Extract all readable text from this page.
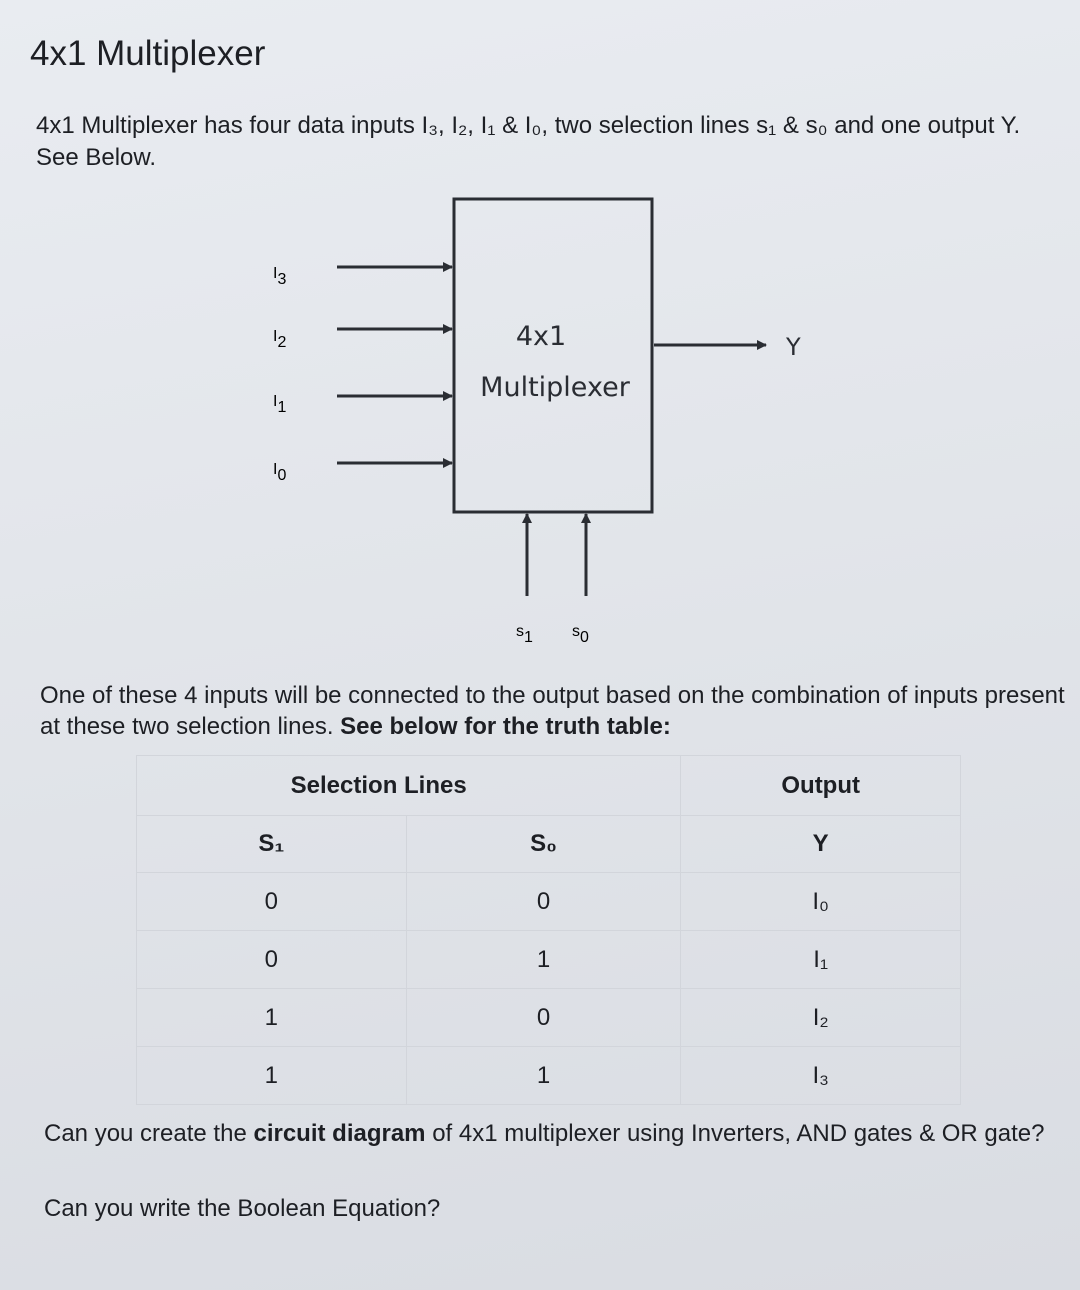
4x1 Multiplexer

4x1 Multiplexer has four data inputs I₃, I₂, I₁ & I₀, two selection lines s₁ & s₀ and one output Y. See Below.

4x1
Multiplexer
I3
I2
I1
I0
Y
s1 s0

One of these 4 inputs will be connected to the output based on the combination of inputs present at these two selection lines. See below for the truth table:

Selection Lines		Output
S₁	S₀	Y
0	0	I₀
0	1	I₁
1	0	I₂
1	1	I₃

Can you create the circuit diagram of 4x1 multiplexer using Inverters, AND gates & OR gate?

Can you write the Boolean Equation?
